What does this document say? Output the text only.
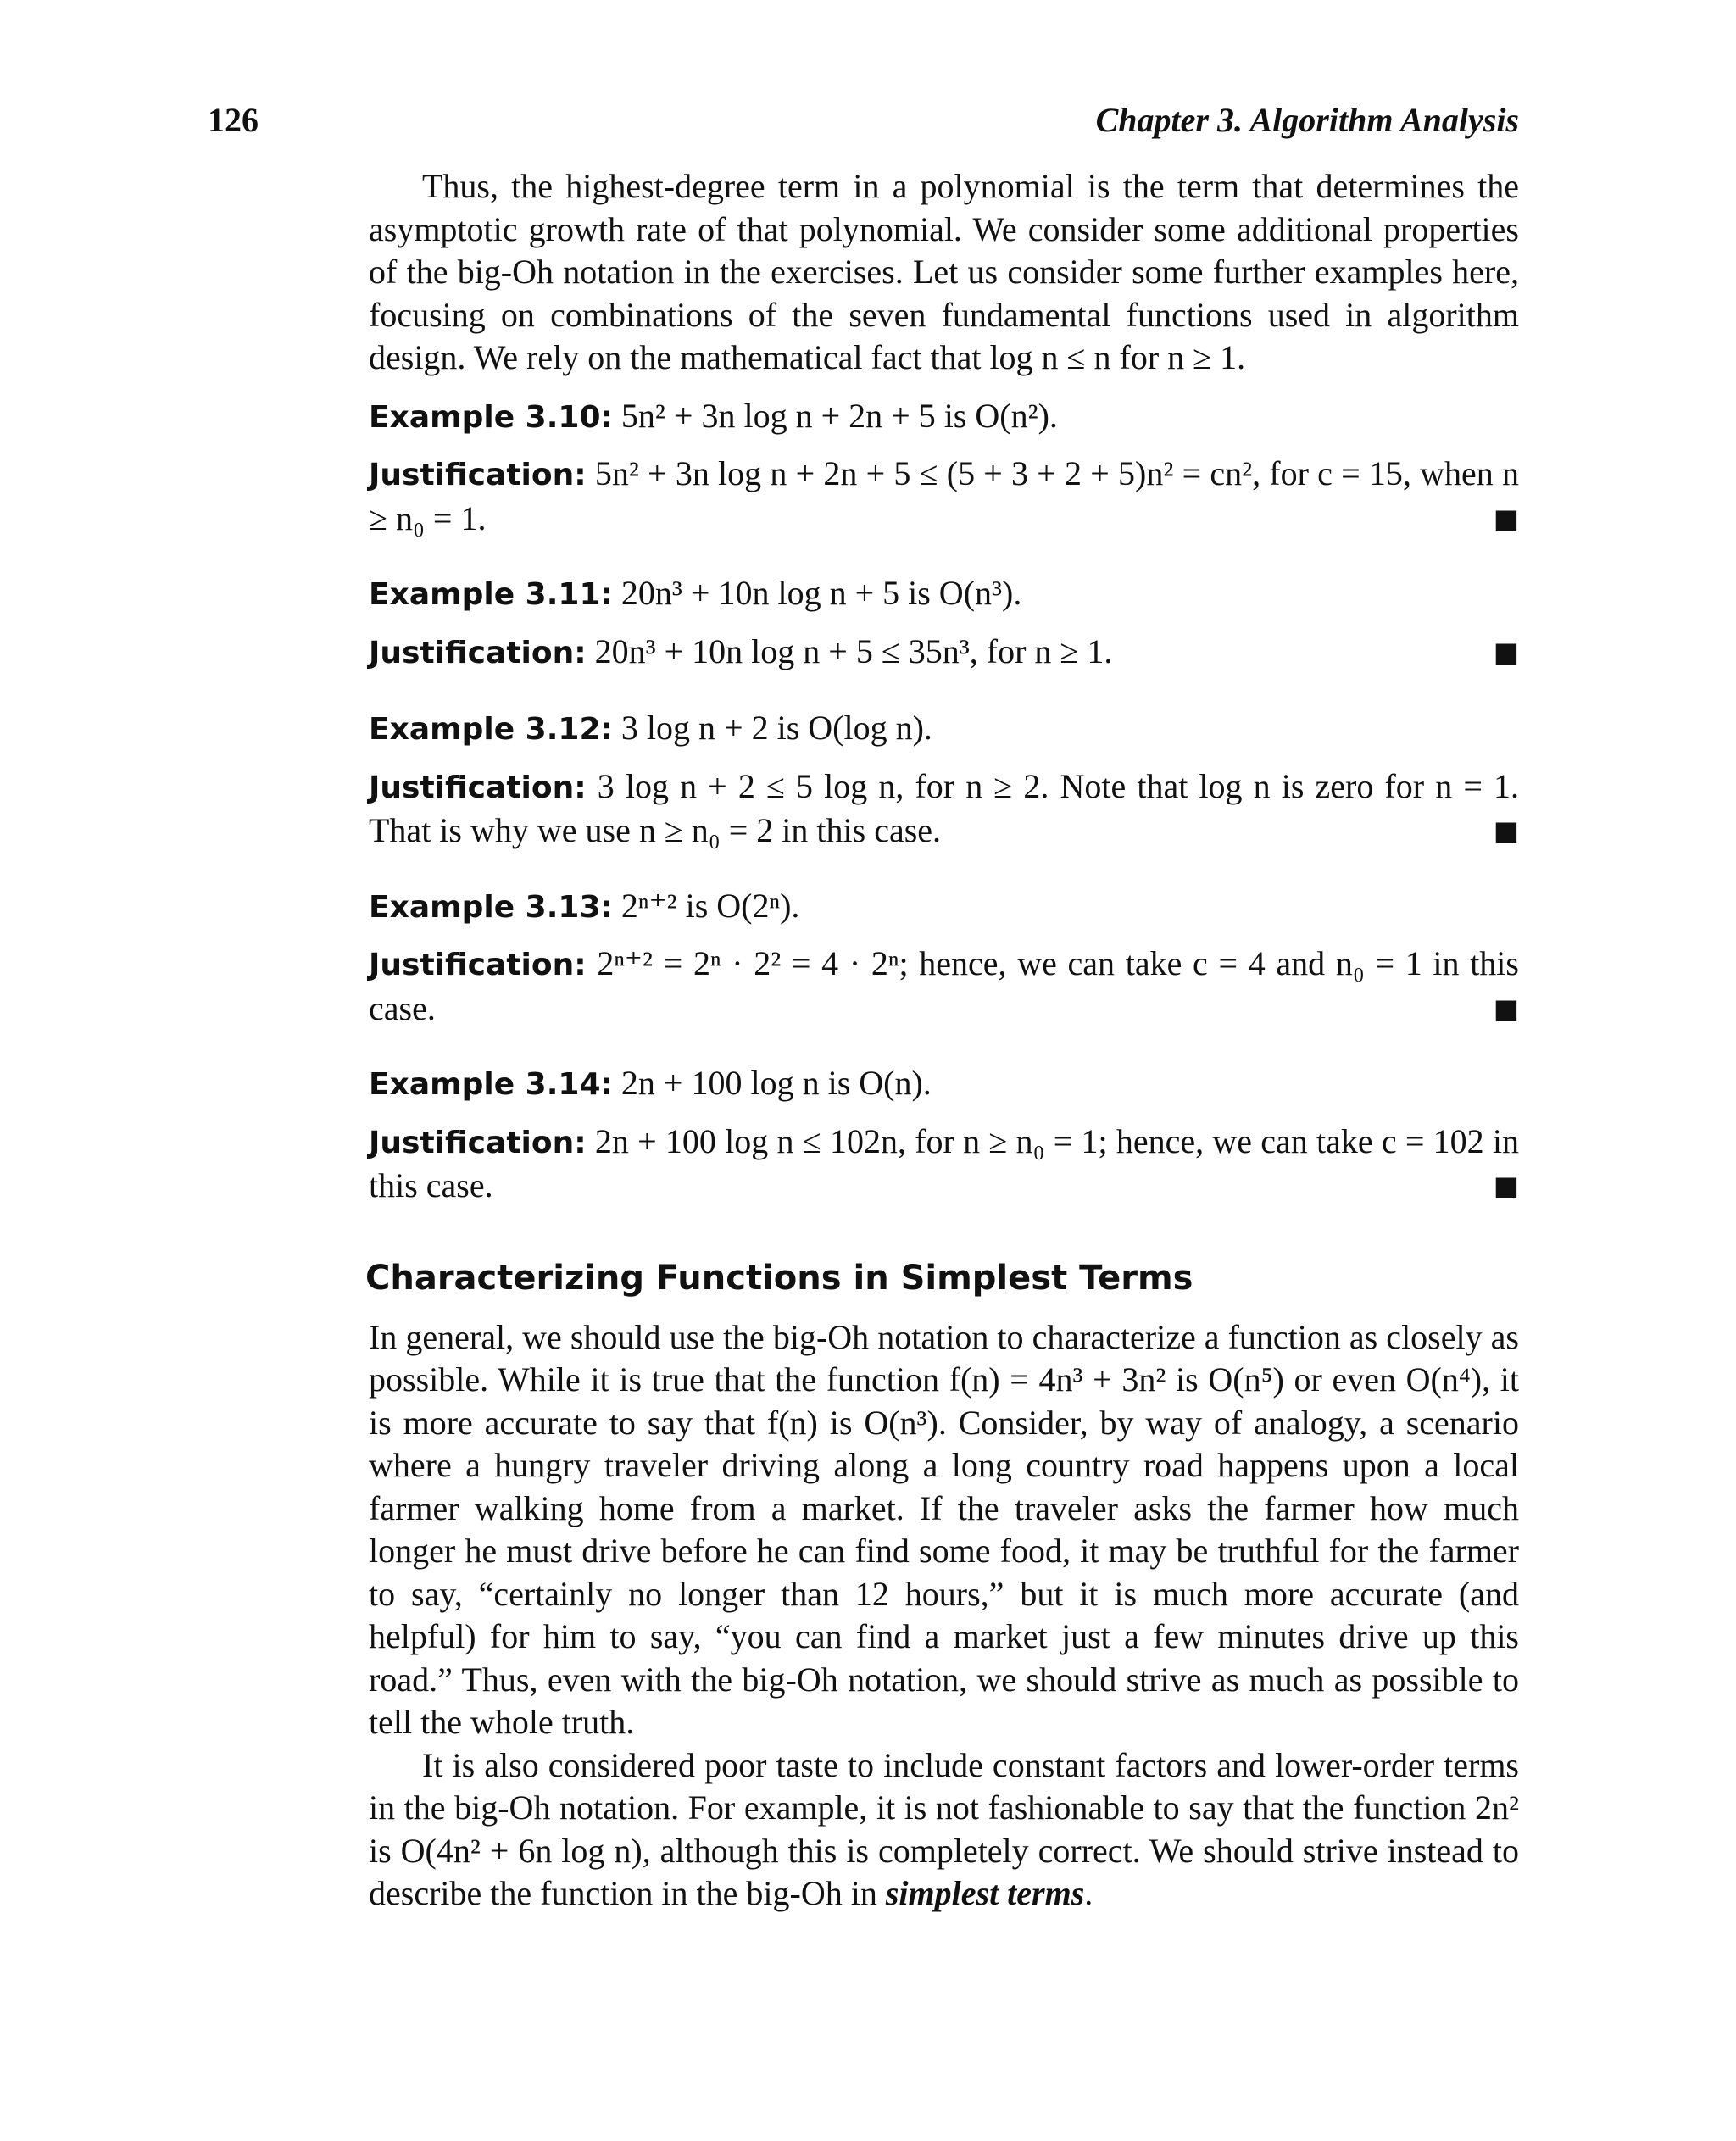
126	Chapter 3. Algorithm Analysis

Thus, the highest-degree term in a polynomial is the term that determines the asymptotic growth rate of that polynomial. We consider some additional properties of the big-Oh notation in the exercises. Let us consider some further examples here, focusing on combinations of the seven fundamental functions used in algorithm design. We rely on the mathematical fact that log n ≤ n for n ≥ 1.

Example 3.10: 5n² + 3n log n + 2n + 5 is O(n²).

Justification: 5n² + 3n log n + 2n + 5 ≤ (5 + 3 + 2 + 5)n² = cn², for c = 15, when n ≥ n₀ = 1.	■

Example 3.11: 20n³ + 10n log n + 5 is O(n³).

Justification: 20n³ + 10n log n + 5 ≤ 35n³, for n ≥ 1.	■

Example 3.12: 3 log n + 2 is O(log n).

Justification: 3 log n + 2 ≤ 5 log n, for n ≥ 2. Note that log n is zero for n = 1. That is why we use n ≥ n₀ = 2 in this case.	■

Example 3.13: 2ⁿ⁺² is O(2ⁿ).

Justification: 2ⁿ⁺² = 2ⁿ · 2² = 4 · 2ⁿ; hence, we can take c = 4 and n₀ = 1 in this case.	■

Example 3.14: 2n + 100 log n is O(n).

Justification: 2n + 100 log n ≤ 102n, for n ≥ n₀ = 1; hence, we can take c = 102 in this case.	■

Characterizing Functions in Simplest Terms

In general, we should use the big-Oh notation to characterize a function as closely as possible. While it is true that the function f(n) = 4n³ + 3n² is O(n⁵) or even O(n⁴), it is more accurate to say that f(n) is O(n³). Consider, by way of analogy, a scenario where a hungry traveler driving along a long country road happens upon a local farmer walking home from a market. If the traveler asks the farmer how much longer he must drive before he can find some food, it may be truthful for the farmer to say, “certainly no longer than 12 hours,” but it is much more accurate (and helpful) for him to say, “you can find a market just a few minutes drive up this road.” Thus, even with the big-Oh notation, we should strive as much as possible to tell the whole truth.

It is also considered poor taste to include constant factors and lower-order terms in the big-Oh notation. For example, it is not fashionable to say that the function 2n² is O(4n² + 6n log n), although this is completely correct. We should strive instead to describe the function in the big-Oh in simplest terms.
